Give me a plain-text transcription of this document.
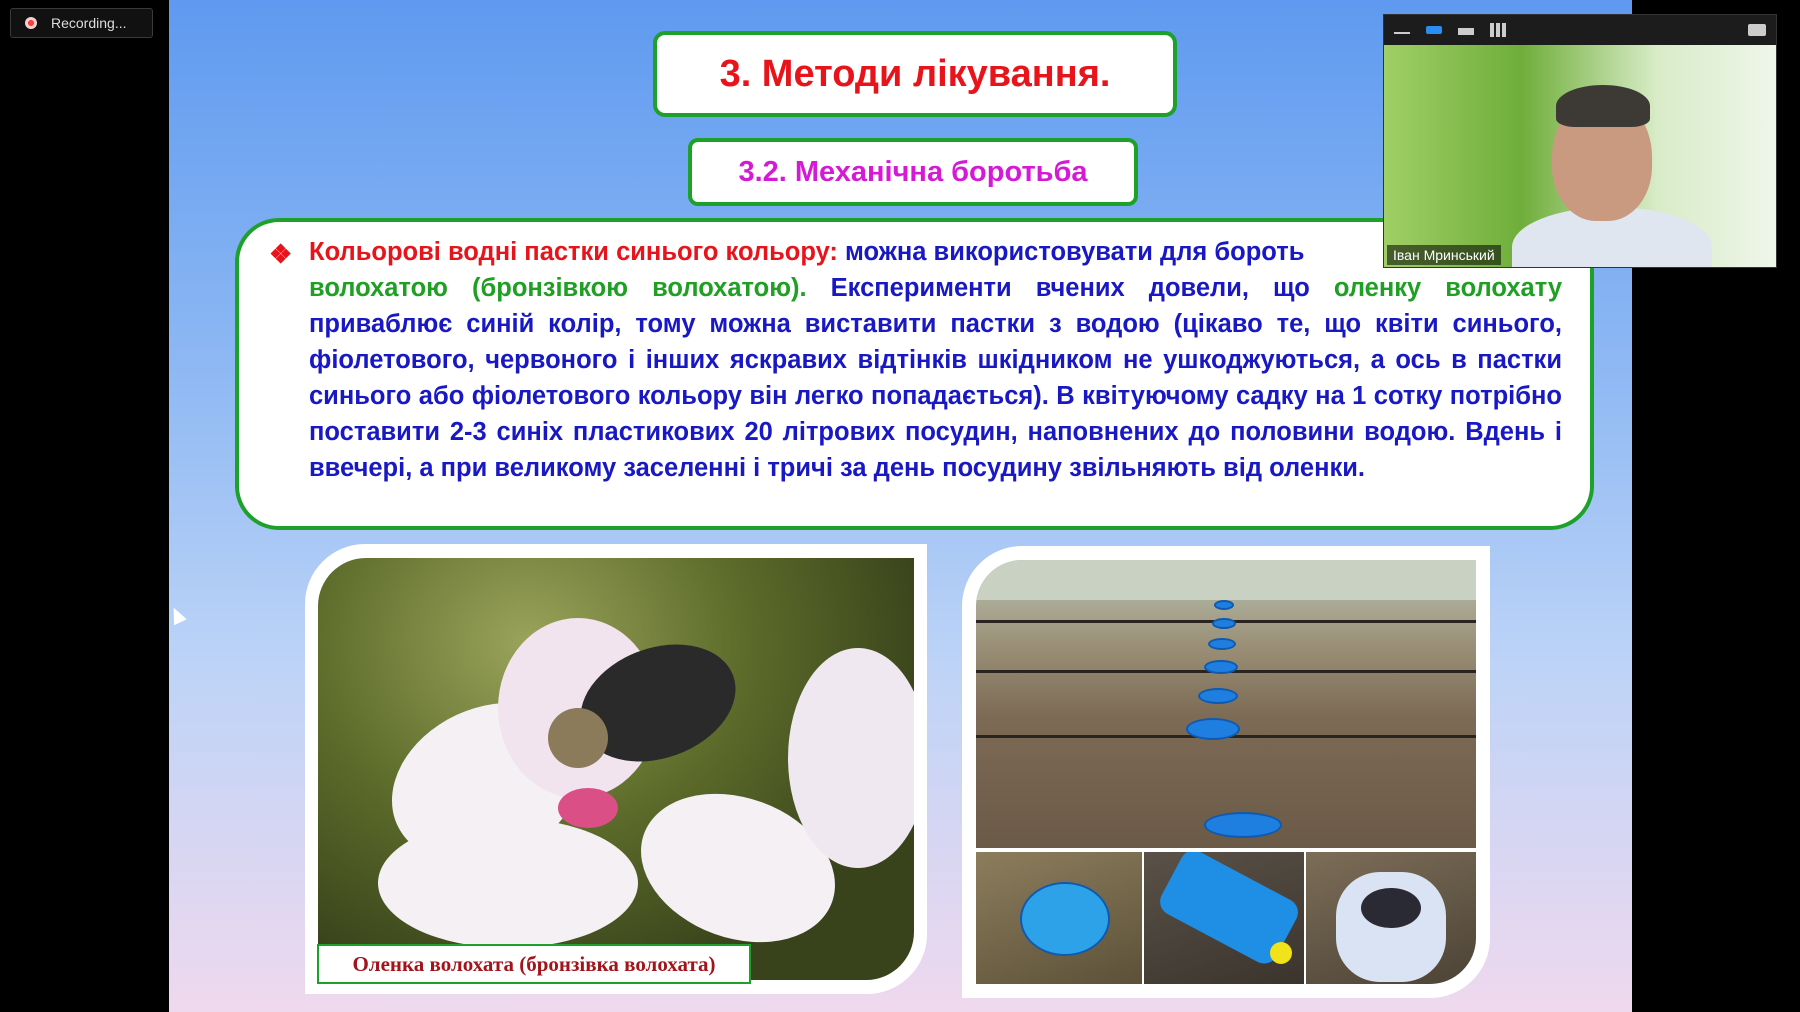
Recording...
3. Методи лікування.
3.2. Механічна боротьба
❖ Кольорові водні пастки синього кольору: можна використовувати для бороть
волохатою (бронзівкою волохатою). Експерименти вчених довели, що оленку волохату приваблює синій колір, тому можна виставити пастки з водою (цікаво те, що квіти синього, фіолетового, червоного і інших яскравих відтінків шкідником не ушкоджуються, а ось в пастки синього або фіолетового кольору він легко попадається). В квітуючому садку на 1 сотку потрібно поставити 2-3 синіх пластикових 20 літрових посудин, наповнених до половини водою. Вдень і ввечері, а при великому заселенні і тричі за день посудину звільняють від оленки.
Оленка волохата (бронзівка волохата)
Іван Мринський
